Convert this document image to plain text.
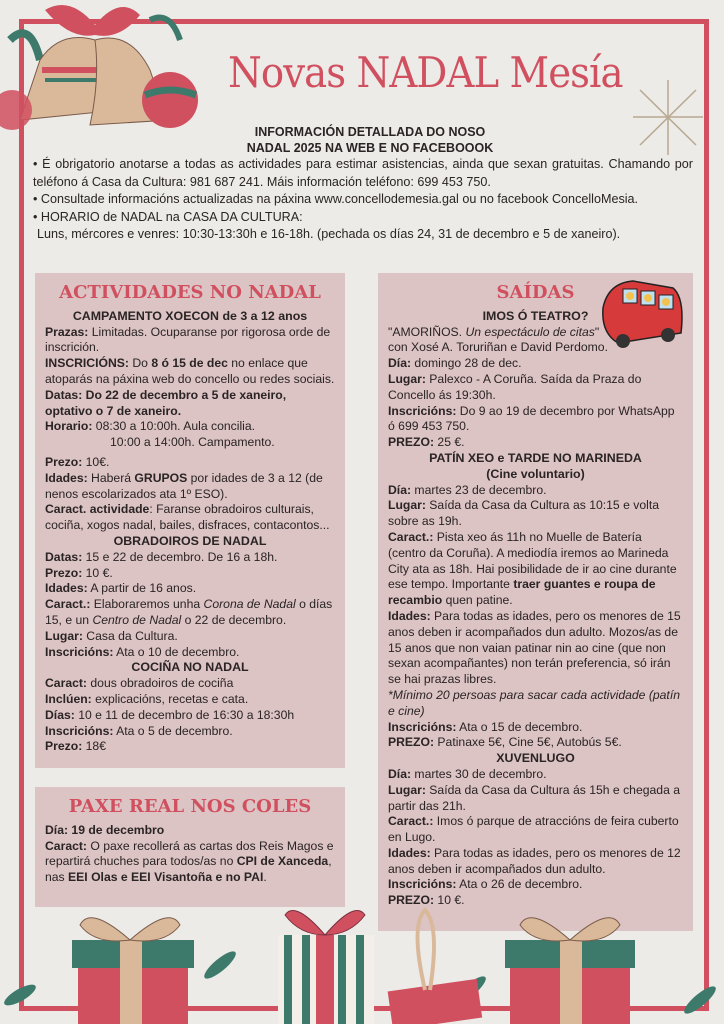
Novas NADAL Mesía
INFORMACIÓN DETALLADA DO NOSO
NADAL 2025 NA WEB E NO FACEBOOOK

• É obrigatorio anotarse a todas as actividades para estimar asistencias, ainda que sexan gratuitas. Chamando por teléfono á Casa da Cultura: 981 687 241. Máis información teléfono: 699 453 750.

• Consultade informacións actualizadas na páxina www.concellodemesia.gal ou no facebook ConcelloMesia.

• HORARIO de NADAL na CASA DA CULTURA:

Luns, mércores e venres: 10:30-13:30h e 16-18h. (pechada os días 24, 31 de decembro e 5 de xaneiro).

ACTIVIDADES NO NADAL
CAMPAMENTO XOECON de 3 a 12 anos

Prazas: Limitadas. Ocuparanse por rigorosa orde de inscrición.

INSCRICIÓNS: Do 8 ó 15 de dec no enlace que atoparás na páxina web do concello ou redes sociais.

Datas: Do 22 de decembro a 5 de xaneiro, optativo o 7 de xaneiro.

Horario: 08:30 a 10:00h. Aula concilia.

10:00 a 14:00h. Campamento.

Prezo: 10€.

Idades: Haberá GRUPOS por idades de 3 a 12 (de nenos escolarizados ata 1º ESO).

Caract. actividade: Faranse obradoiros culturais, cociña, xogos nadal, bailes, disfraces, contacontos...

OBRADOIROS DE NADAL

Datas: 15 e 22 de decembro. De 16 a 18h.

Prezo: 10 €.

Idades: A partir de 16 anos.

Caract.: Elaboraremos unha Corona de Nadal o días 15, e un Centro de Nadal o 22 de decembro.

Lugar: Casa da Cultura.

Inscricións: Ata o 10 de decembro.

COCIÑA NO NADAL

Caract: dous obradoiros de cociña

Inclúen: explicacións, recetas e cata.

Días: 10 e 11 de decembro de 16:30 a 18:30h

Inscricións: Ata o 5 de decembro.

Prezo: 18€

PAXE REAL NOS COLES

Día: 19 de decembro

Caract: O paxe recollerá as cartas dos Reis Magos e repartirá chuches para todos/as no CPI de Xanceda, nas EEI Olas e EEI Visantoña e no PAI.

SAÍDAS
IMOS Ó TEATRO?

"AMORIÑOS. Un espectáculo de citas"

con Xosé A. Toruriñan e David Perdomo.

Día: domingo 28 de dec.

Lugar: Palexco - A Coruña. Saída da Praza do Concello ás 19:30h.

Inscricións: Do 9 ao 19 de decembro por WhatsApp ó 699 453 750.

PREZO: 25 €.

PATÍN XEO e TARDE NO MARINEDA
(Cine voluntario)

Día: martes 23 de decembro.

Lugar: Saída da Casa da Cultura as 10:15 e volta sobre as 19h.

Caract.: Pista xeo ás 11h no Muelle de Batería (centro da Coruña). A mediodía iremos ao Marineda City ata as 18h. Hai posibilidade de ir ao cine durante ese tempo. Importante traer guantes e roupa de recambio quen patine.

Idades: Para todas as idades, pero os menores de 15 anos deben ir acompañados dun adulto. Mozos/as de 15 anos que non vaian patinar nin ao cine (que non sexan acompañantes) non terán preferencia, só irán se hai prazas libres.

*Mínimo 20 persoas para sacar cada actividade (patín e cine)

Inscricións: Ata o 15 de decembro.

PREZO: Patinaxe 5€, Cine 5€, Autobús 5€.

XUVENLUGO

Día: martes 30 de decembro.

Lugar: Saída da Casa da Cultura ás 15h e chegada a partir das 21h.

Caract.: Imos ó parque de atraccións de feira cuberto en Lugo.

Idades: Para todas as idades, pero os menores de 12 anos deben ir acompañados dun adulto.

Inscricións: Ata o 26 de decembro.

PREZO: 10 €.
